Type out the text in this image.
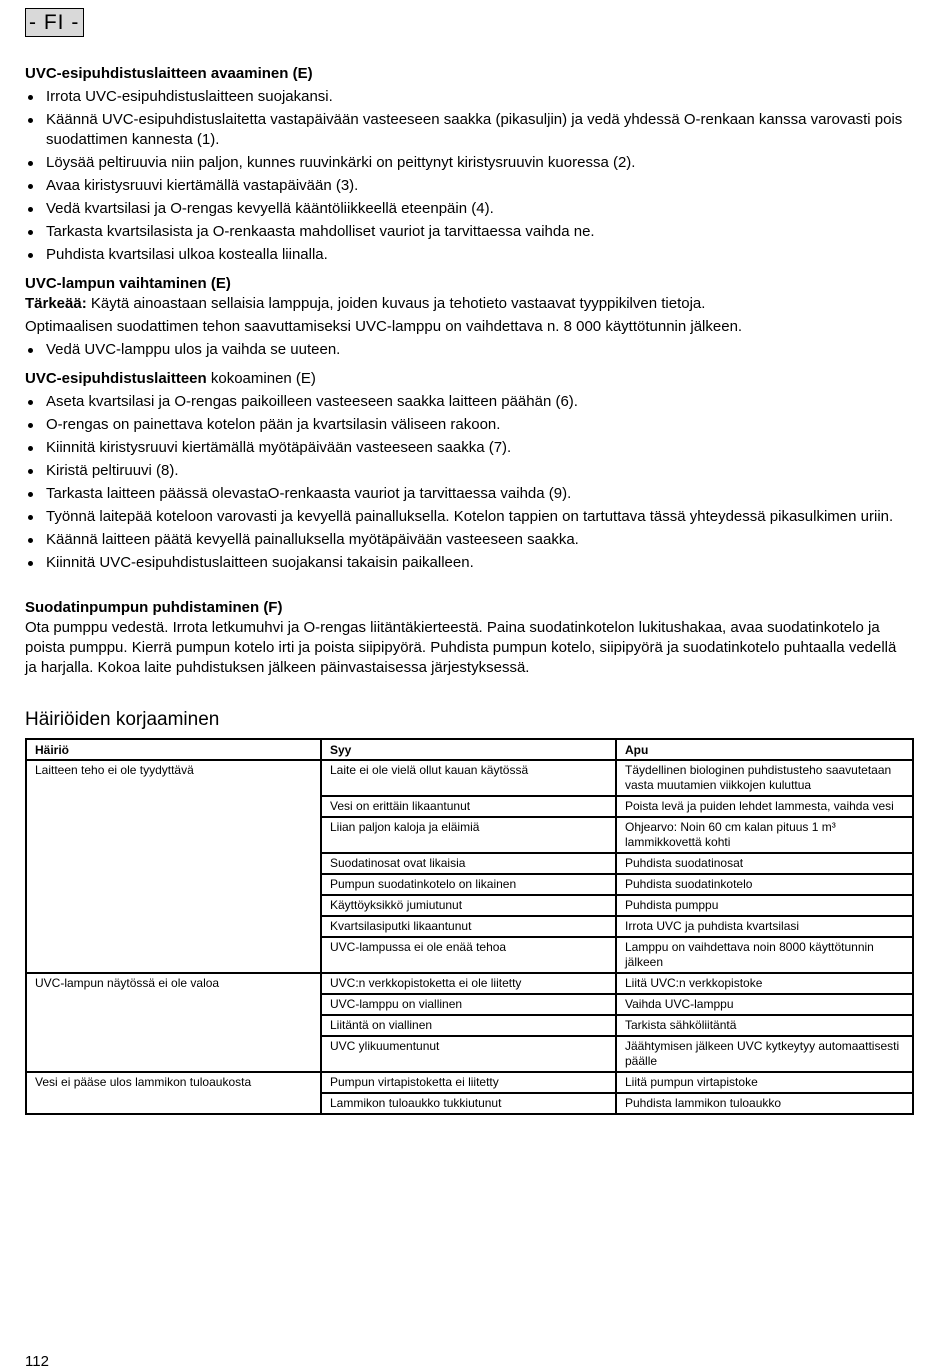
- FI -
UVC-esipuhdistuslaitteen avaaminen (E)
Irrota UVC-esipuhdistuslaitteen suojakansi.
Käännä UVC-esipuhdistuslaitetta vastapäivään vasteeseen saakka (pikasuljin) ja vedä yhdessä O-renkaan kanssa varovasti pois suodattimen kannesta (1).
Löysää peltiruuvia niin paljon, kunnes ruuvinkärki on peittynyt kiristysruuvin kuoressa (2).
Avaa kiristysruuvi kiertämällä vastapäivään (3).
Vedä kvartsilasi ja O-rengas kevyellä kääntöliikkeellä eteenpäin (4).
Tarkasta kvartsilasista ja O-renkaasta mahdolliset vauriot ja tarvittaessa vaihda ne.
Puhdista kvartsilasi ulkoa kostealla liinalla.
UVC-lampun vaihtaminen (E)

Tärkeää: Käytä ainoastaan sellaisia lamppuja, joiden kuvaus ja tehotieto vastaavat tyyppikilven tietoja.

Optimaalisen suodattimen tehon saavuttamiseksi UVC-lamppu on vaihdettava n. 8 000 käyttötunnin jälkeen.

Vedä UVC-lamppu ulos ja vaihda se uuteen.
UVC-esipuhdistuslaitteen kokoaminen (E)
Aseta kvartsilasi ja O-rengas paikoilleen vasteeseen saakka laitteen päähän (6).
O-rengas on painettava kotelon pään ja kvartsilasin väliseen rakoon.
Kiinnitä kiristysruuvi kiertämällä myötäpäivään vasteeseen saakka (7).
Kiristä peltiruuvi (8).
Tarkasta laitteen päässä olevastaO-renkaasta vauriot ja tarvittaessa vaihda (9).
Työnnä laitepää koteloon varovasti ja kevyellä painalluksella. Kotelon tappien on tartuttava tässä yhteydessä pikasulkimen uriin.
Käännä laitteen päätä kevyellä painalluksella myötäpäivään vasteeseen saakka.
Kiinnitä UVC-esipuhdistuslaitteen suojakansi takaisin paikalleen.
Suodatinpumpun puhdistaminen (F)

Ota pumppu vedestä. Irrota letkumuhvi ja O-rengas liitäntäkierteestä. Paina suodatinkotelon lukitushakaa, avaa suodatinkotelo ja poista pumppu. Kierrä pumpun kotelo irti ja poista siipipyörä. Puhdista pumpun kotelo, siipipyörä ja suodatinkotelo puhtaalla vedellä ja harjalla. Kokoa laite puhdistuksen jälkeen päinvastaisessa järjestyksessä.

Häiriöiden korjaaminen
Häiriö	Syy	Apu
Laitteen teho ei ole tyydyttävä	Laite ei ole vielä ollut kauan käytössä	Täydellinen biologinen puhdistusteho saavutetaan vasta muutamien viikkojen kuluttua
	Vesi on erittäin likaantunut	Poista levä ja puiden lehdet lammesta, vaihda vesi
	Liian paljon kaloja ja eläimiä	Ohjearvo: Noin 60 cm kalan pituus 1 m³ lammikkovettä kohti
	Suodatinosat ovat likaisia	Puhdista suodatinosat
	Pumpun suodatinkotelo on likainen	Puhdista suodatinkotelo
	Käyttöyksikkö jumiutunut	Puhdista pumppu
	Kvartsilasiputki likaantunut	Irrota UVC ja puhdista kvartsilasi
	UVC-lampussa ei ole enää tehoa	Lamppu on vaihdettava noin 8000 käyttötunnin jälkeen
UVC-lampun näytössä ei ole valoa	UVC:n verkkopistoketta ei ole liitetty	Liitä UVC:n verkkopistoke
	UVC-lamppu on viallinen	Vaihda UVC-lamppu
	Liitäntä on viallinen	Tarkista sähköliitäntä
	UVC ylikuumentunut	Jäähtymisen jälkeen UVC kytkeytyy automaattisesti päälle
Vesi ei pääse ulos lammikon tuloaukosta	Pumpun virtapistoketta ei liitetty	Liitä pumpun virtapistoke
	Lammikon tuloaukko tukkiutunut	Puhdista lammikon tuloaukko
112
